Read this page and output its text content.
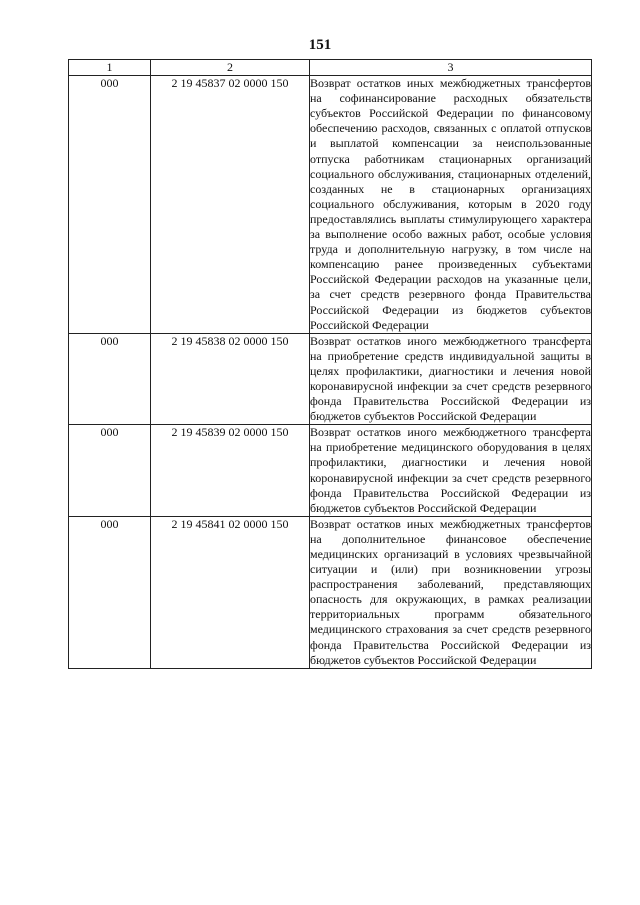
151
1	2	3
000	2 19 45837 02 0000 150	Возврат остатков иных межбюджетных трансфертов на софинансирование расходных обязательств субъектов Российской Федерации по финансовому обеспечению расходов, связанных с оплатой отпусков и выплатой компенсации за неиспользованные отпуска работникам стационарных организаций социального обслуживания, стационарных отделений, созданных не в стационарных организациях социального обслуживания, которым в 2020 году предоставлялись выплаты стимулирующего характера за выполнение особо важных работ, особые условия труда и дополнительную нагрузку, в том числе на компенсацию ранее произведенных субъектами Российской Федерации расходов на указанные цели, за счет средств резервного фонда Правительства Российской Федерации из бюджетов субъектов Российской Федерации
000	2 19 45838 02 0000 150	Возврат остатков иного межбюджетного трансферта на приобретение средств индивидуальной защиты в целях профилактики, диагностики и лечения новой коронавирусной инфекции за счет средств резервного фонда Правительства Российской Федерации из бюджетов субъектов Российской Федерации
000	2 19 45839 02 0000 150	Возврат остатков иного межбюджетного трансферта на приобретение медицинского оборудования в целях профилактики, диагностики и лечения новой коронавирусной инфекции за счет средств резервного фонда Правительства Российской Федерации из бюджетов субъектов Российской Федерации
000	2 19 45841 02 0000 150	Возврат остатков иных межбюджетных трансфертов на дополнительное финансовое обеспечение медицинских организаций в условиях чрезвычайной ситуации и (или) при возникновении угрозы распространения заболеваний, представляющих опасность для окружающих, в рамках реализации территориальных программ обязательного медицинского страхования за счет средств резервного фонда Правительства Российской Федерации из бюджетов субъектов Российской Федерации
